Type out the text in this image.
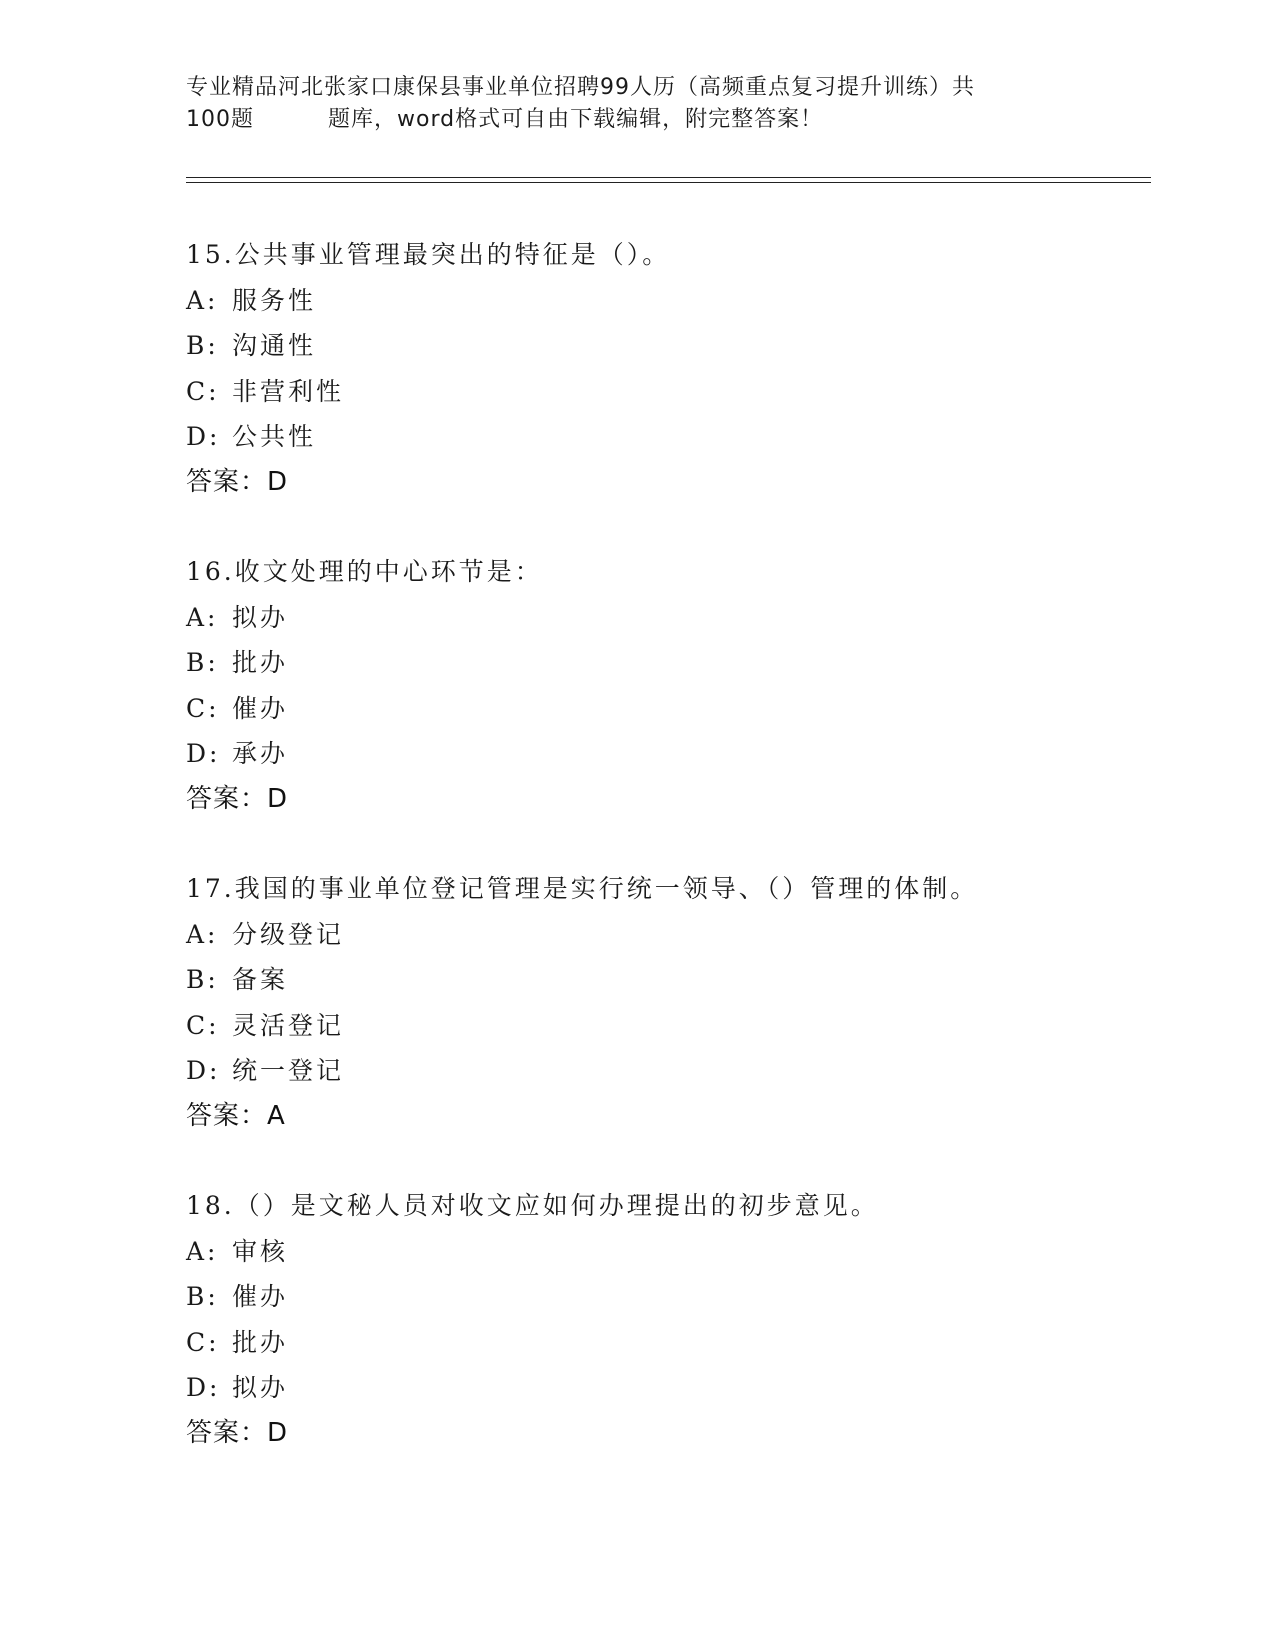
专业精品河北张家口康保县事业单位招聘99人历（高频重点复习提升训练）共
100题	题库，word格式可自由下载编辑，附完整答案！
15.公共事业管理最突出的特征是（）。
A: 服务性
B: 沟通性
C: 非营利性
D: 公共性
答案：D
16.收文处理的中心环节是：
A: 拟办
B: 批办
C: 催办
D: 承办
答案：D
17.我国的事业单位登记管理是实行统一领导、（）管理的体制。
A: 分级登记
B: 备案
C: 灵活登记
D: 统一登记
答案：A
18.（）是文秘人员对收文应如何办理提出的初步意见。
A: 审核
B: 催办
C: 批办
D: 拟办
答案：D
